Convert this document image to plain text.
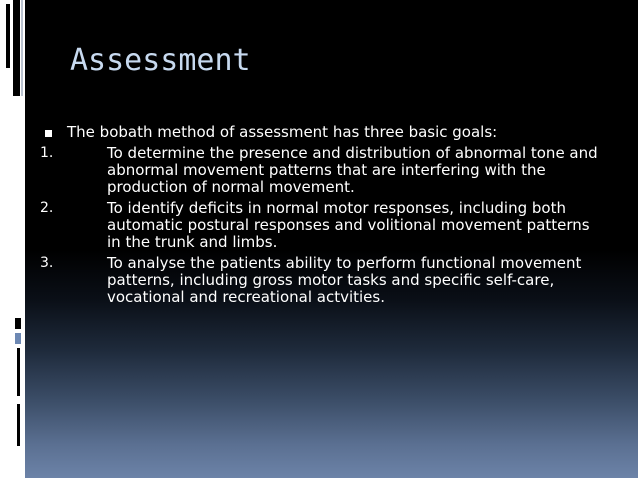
Assessment
The bobath method of assessment has three basic goals:
1.	To determine the presence and distribution of abnormal tone and abnormal movement patterns that are interfering with the production of normal movement.
2.	To identify deficits in normal motor responses, including both automatic postural responses and volitional movement patterns in the trunk and limbs.
3.	To analyse the patients ability to perform functional movement patterns, including gross motor tasks and specific self-care, vocational and recreational actvities.
